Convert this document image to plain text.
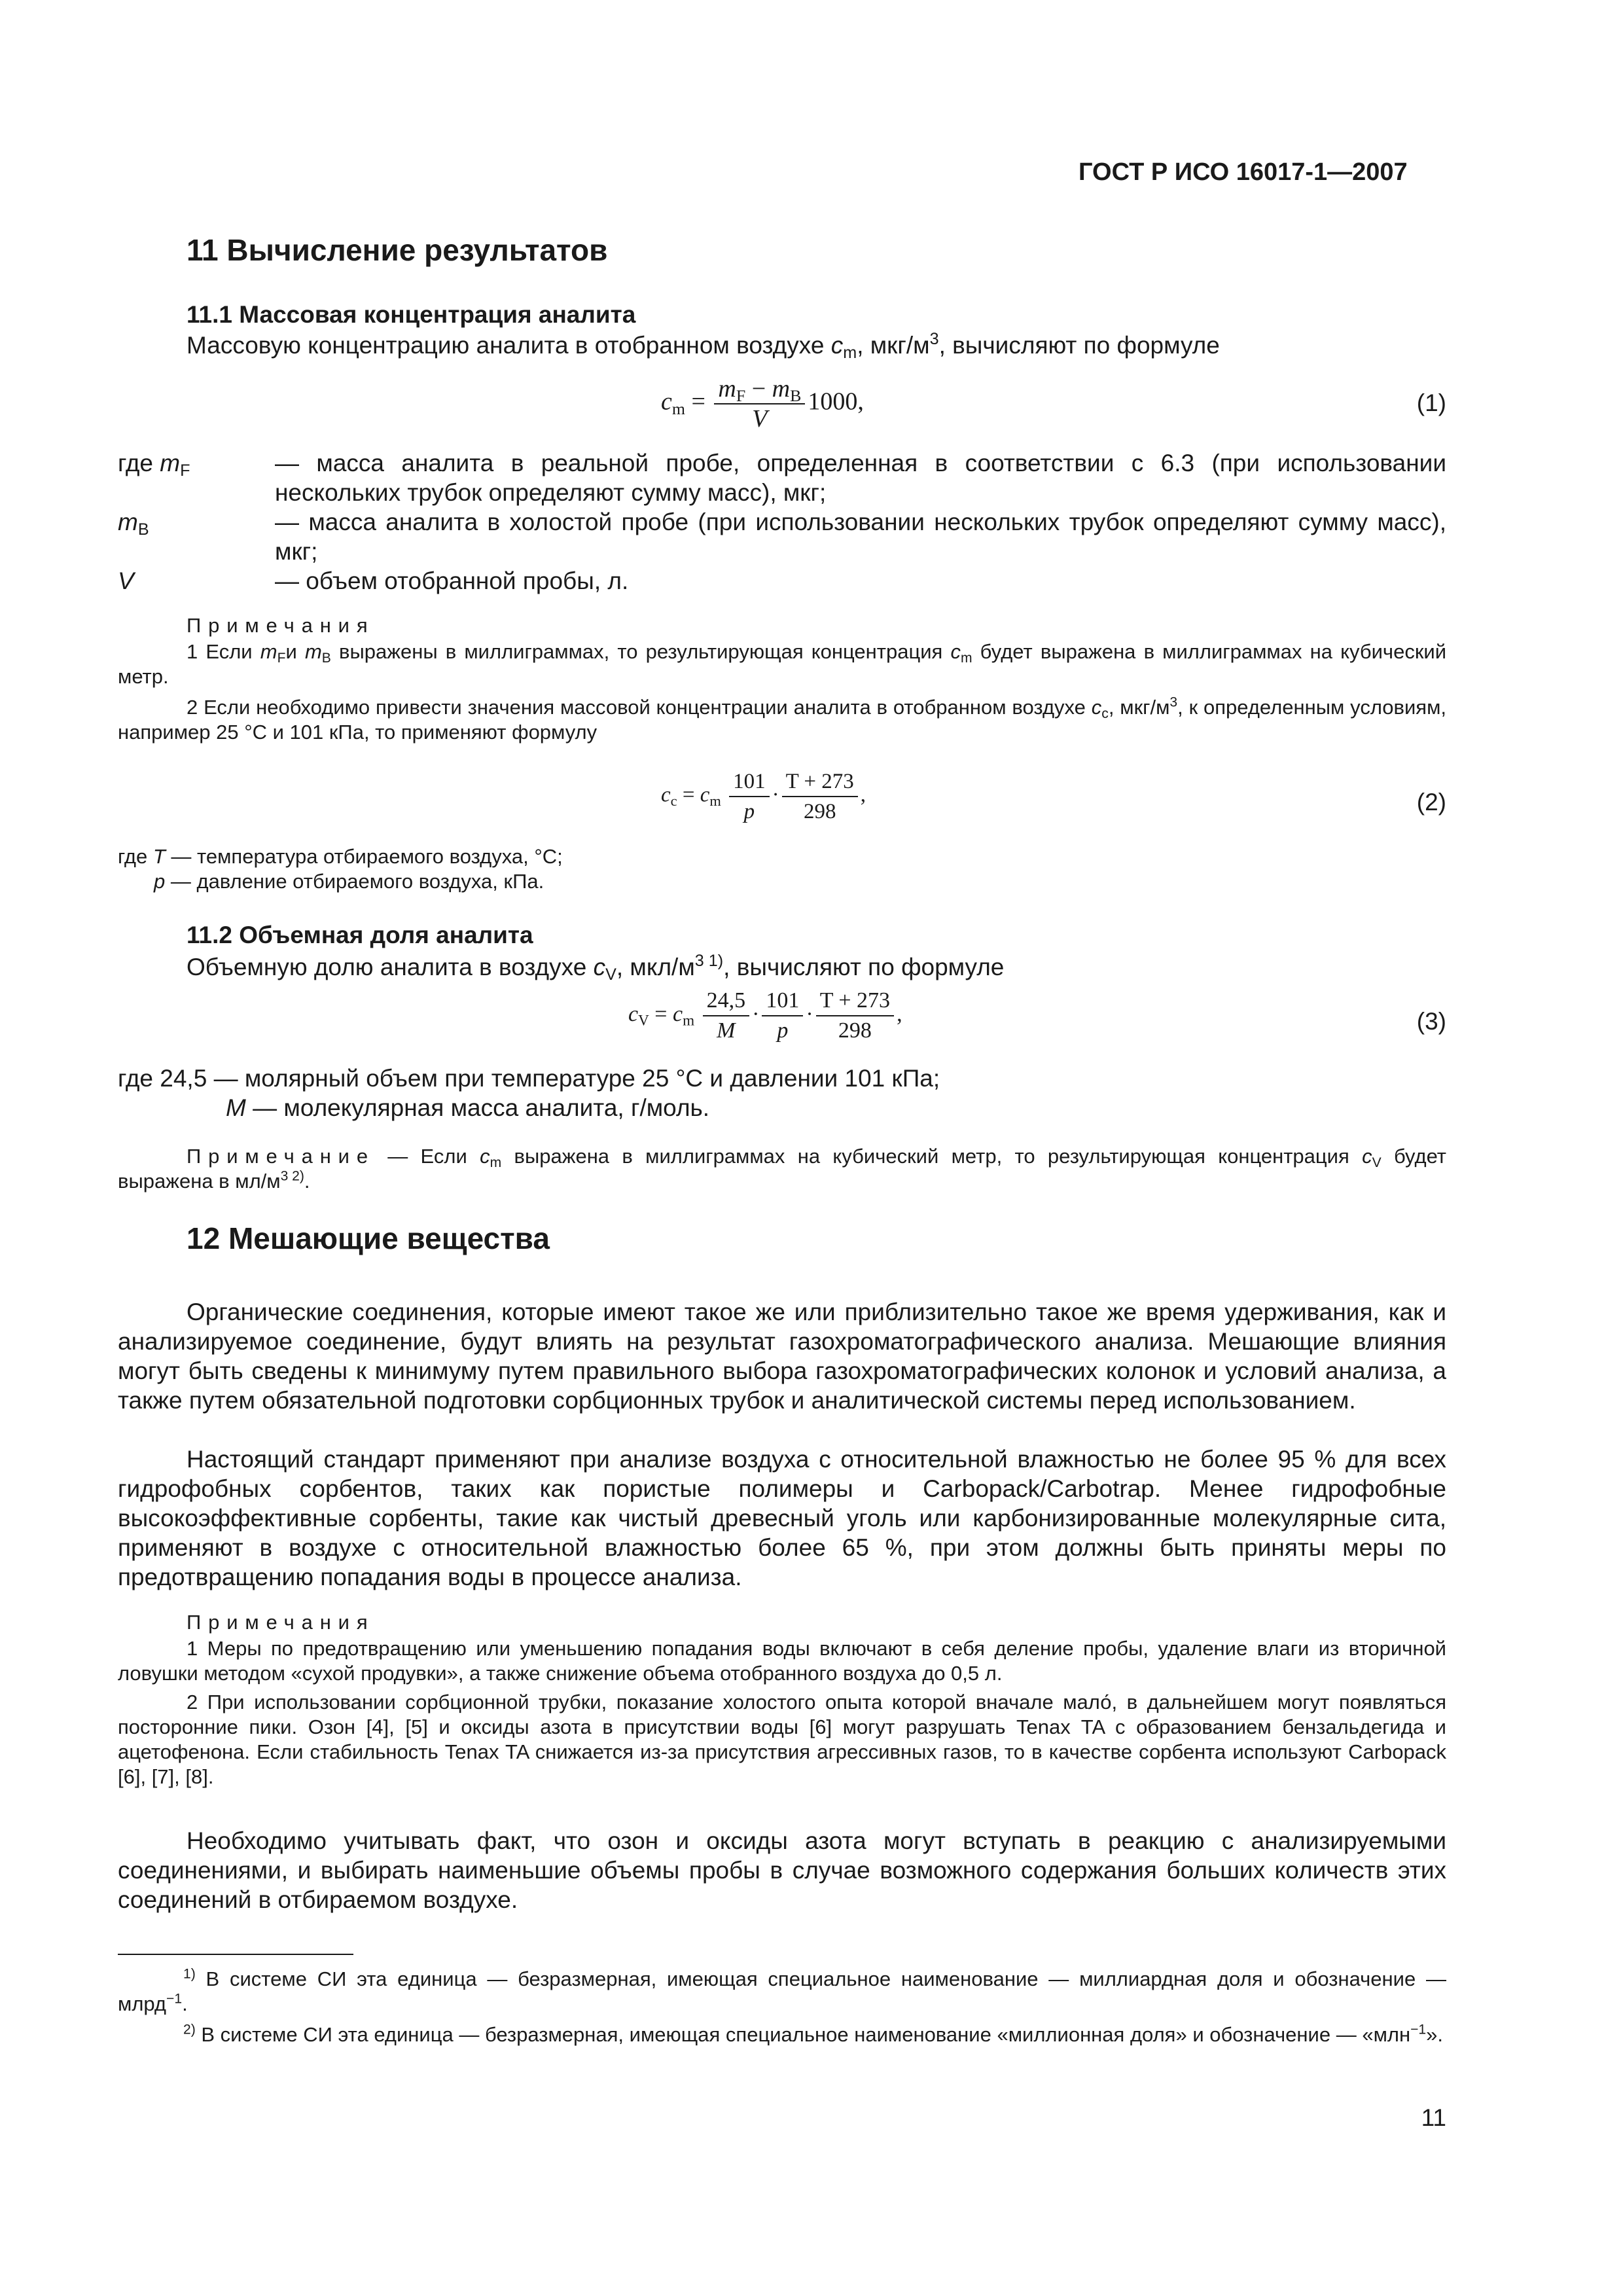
ГОСТ Р ИСО 16017-1—2007
11 Вычисление результатов
11.1 Массовая концентрация аналита
Массовую концентрацию аналита в отобранном воздухе $c_m$, мкг/$м^3$, вычисляют по формуле
$c_m = \frac{m_F - m_B}{V} 1000$,	(1)
где $m_F$	— масса аналита в реальной пробе, определенная в соответствии с 6.3 (при использовании нескольких трубок определяют сумму масс), мкг;
$m_B$	— масса аналита в холостой пробе (при использовании нескольких трубок определяют сумму масс), мкг;
V	— объем отобранной пробы, л.
Примечания
1 Если $m_Fи$ $m_B$ выражены в миллиграммах, то результирующая концентрация $c_m$ будет выражена в миллиграммах на кубический метр.
2 Если необходимо привести значения массовой концентрации аналита в отобранном воздухе $c_c$, мкг/$м^3$, к определенным условиям, например 25 °С и 101 кПа, то применяют формулу
$c_c = c_m \frac{101}{p} \cdot \frac{T + 273}{298}$ ,	(2)
где T — температура отбираемого воздуха, °С;
p — давление отбираемого воздуха, кПа.
11.2 Объемная доля аналита
Объемную долю аналита в воздухе $c_V$, мкл/$м^{3 1)}$, вычисляют по формуле
$c_V = c_m \frac{24,5}{M} \cdot \frac{101}{p} \cdot \frac{T + 273}{298}$ ,	(3)
где 24,5 — молярный объем при температуре 25 °С и давлении 101 кПа;
M — молекулярная масса аналита, г/моль.
Примечание — Если $c_m$ выражена в миллиграммах на кубический метр, то результирующая концентрация $c_V$ будет выражена в $мл/м^{3 2)}$.
12 Мешающие вещества
Органические соединения, которые имеют такое же или приблизительно такое же время удерживания, как и анализируемое соединение, будут влиять на результат газохроматографического анализа. Мешающие влияния могут быть сведены к минимуму путем правильного выбора газохроматографических колонок и условий анализа, а также путем обязательной подготовки сорбционных трубок и аналитической системы перед использованием.
Настоящий стандарт применяют при анализе воздуха с относительной влажностью не более 95 % для всех гидрофобных сорбентов, таких как пористые полимеры и Carbopack/Carbotrap. Менее гидрофобные высокоэффективные сорбенты, такие как чистый древесный уголь или карбонизированные молекулярные сита, применяют в воздухе с относительной влажностью более 65 %, при этом должны быть приняты меры по предотвращению попадания воды в процессе анализа.
Примечания
1 Меры по предотвращению или уменьшению попадания воды включают в себя деление пробы, удаление влаги из вторичной ловушки методом «сухой продувки», а также снижение объема отобранного воздуха до 0,5 л.
2 При использовании сорбционной трубки, показание холостого опыта которой вначале мало́, в дальнейшем могут появляться посторонние пики. Озон [4], [5] и оксиды азота в присутствии воды [6] могут разрушать Tenax TA с образованием бензальдегида и ацетофенона. Если стабильность Tenax TA снижается из-за присутствия агрессивных газов, то в качестве сорбента используют Carbopack [6], [7], [8].
Необходимо учитывать факт, что озон и оксиды азота могут вступать в реакцию с анализируемыми соединениями, и выбирать наименьшие объемы пробы в случае возможного содержания больших количеств этих соединений в отбираемом воздухе.
$^{1)}$ В системе СИ эта единица — безразмерная, имеющая специальное наименование — миллиардная доля и обозначение — млрд$^{-1}$.
$^{2)}$ В системе СИ эта единица — безразмерная, имеющая специальное наименование «миллионная доля» и обозначение — «млн$^{-1}$».
11
